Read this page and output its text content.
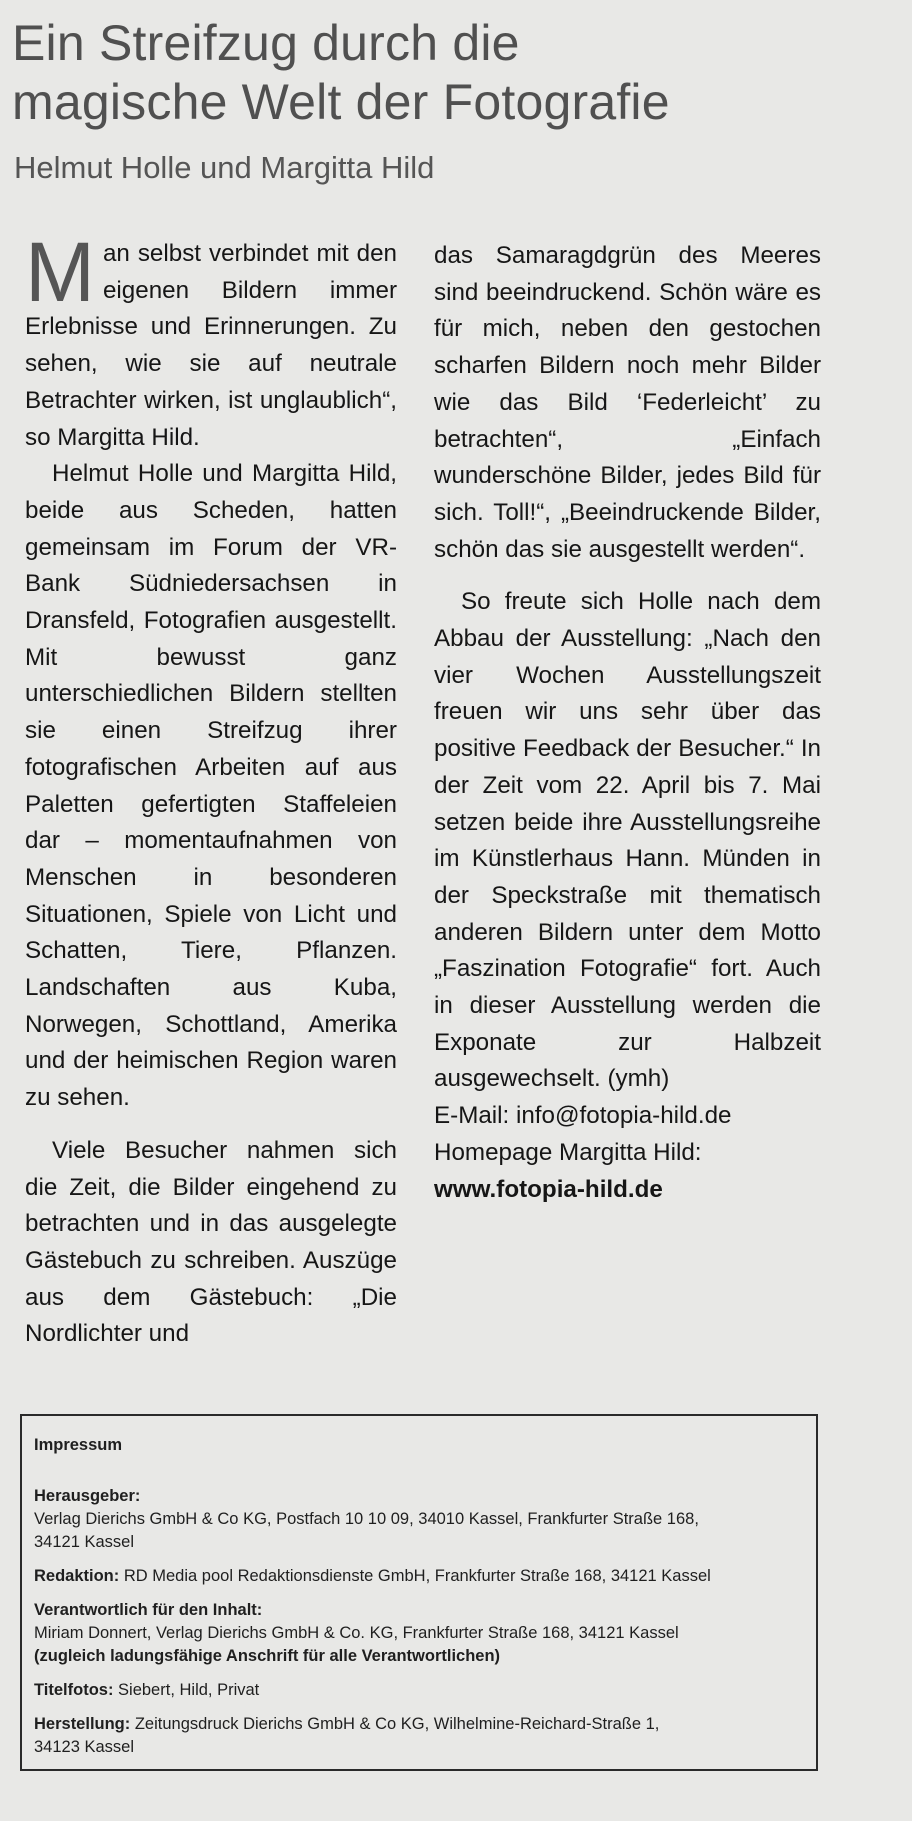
Ein Streifzug durch die
magische Welt der Fotografie
Helmut Holle und Margitta Hild

Man selbst verbindet mit den eigenen Bildern immer Erlebnisse und Erinnerungen. Zu sehen, wie sie auf neutrale Betrachter wirken, ist unglaublich“, so Margitta Hild.

Helmut Holle und Margitta Hild, beide aus Scheden, hatten gemeinsam im Forum der VR-Bank Südniedersachsen in Dransfeld, Fotografien ausgestellt. Mit bewusst ganz unterschiedlichen Bildern stellten sie einen Streifzug ihrer fotografischen Arbeiten auf aus Paletten gefertigten Staffeleien dar – momentaufnahmen von Menschen in besonderen Situationen, Spiele von Licht und Schatten, Tiere, Pflanzen. Landschaften aus Kuba, Norwegen, Schottland, Amerika und der heimischen Region waren zu sehen.

Viele Besucher nahmen sich die Zeit, die Bilder eingehend zu betrachten und in das ausgelegte Gästebuch zu schreiben. Auszüge aus dem Gästebuch: „Die Nordlichter und

das Samaragdgrün des Meeres sind beeindruckend. Schön wäre es für mich, neben den gestochen scharfen Bildern noch mehr Bilder wie das Bild ‘Federleicht’ zu betrachten“, „Einfach wunderschöne Bilder, jedes Bild für sich. Toll!“, „Beeindruckende Bilder, schön das sie ausgestellt werden“.

So freute sich Holle nach dem Abbau der Ausstellung: „Nach den vier Wochen Ausstellungszeit freuen wir uns sehr über das positive Feedback der Besucher.“ In der Zeit vom 22. April bis 7. Mai setzen beide ihre Ausstellungsreihe im Künstlerhaus Hann. Münden in der Speckstraße mit thematisch anderen Bildern unter dem Motto „Faszination Fotografie“ fort. Auch in dieser Ausstellung werden die Exponate zur Halbzeit ausgewechselt. (ymh)

E-Mail: info@fotopia-hild.de

Homepage Margitta Hild:

www.fotopia-hild.de

Impressum
Herausgeber:
Verlag Dierichs GmbH & Co KG, Postfach 10 10 09, 34010 Kassel, Frankfurter Straße 168,
34121 Kassel
Redaktion: RD Media pool Redaktionsdienste GmbH, Frankfurter Straße 168, 34121 Kassel
Verantwortlich für den Inhalt:
Miriam Donnert, Verlag Dierichs GmbH & Co. KG, Frankfurter Straße 168, 34121 Kassel
(zugleich ladungsfähige Anschrift für alle Verantwortlichen)
Titelfotos: Siebert, Hild, Privat
Herstellung: Zeitungsdruck Dierichs GmbH & Co KG, Wilhelmine-Reichard-Straße 1,
34123 Kassel
